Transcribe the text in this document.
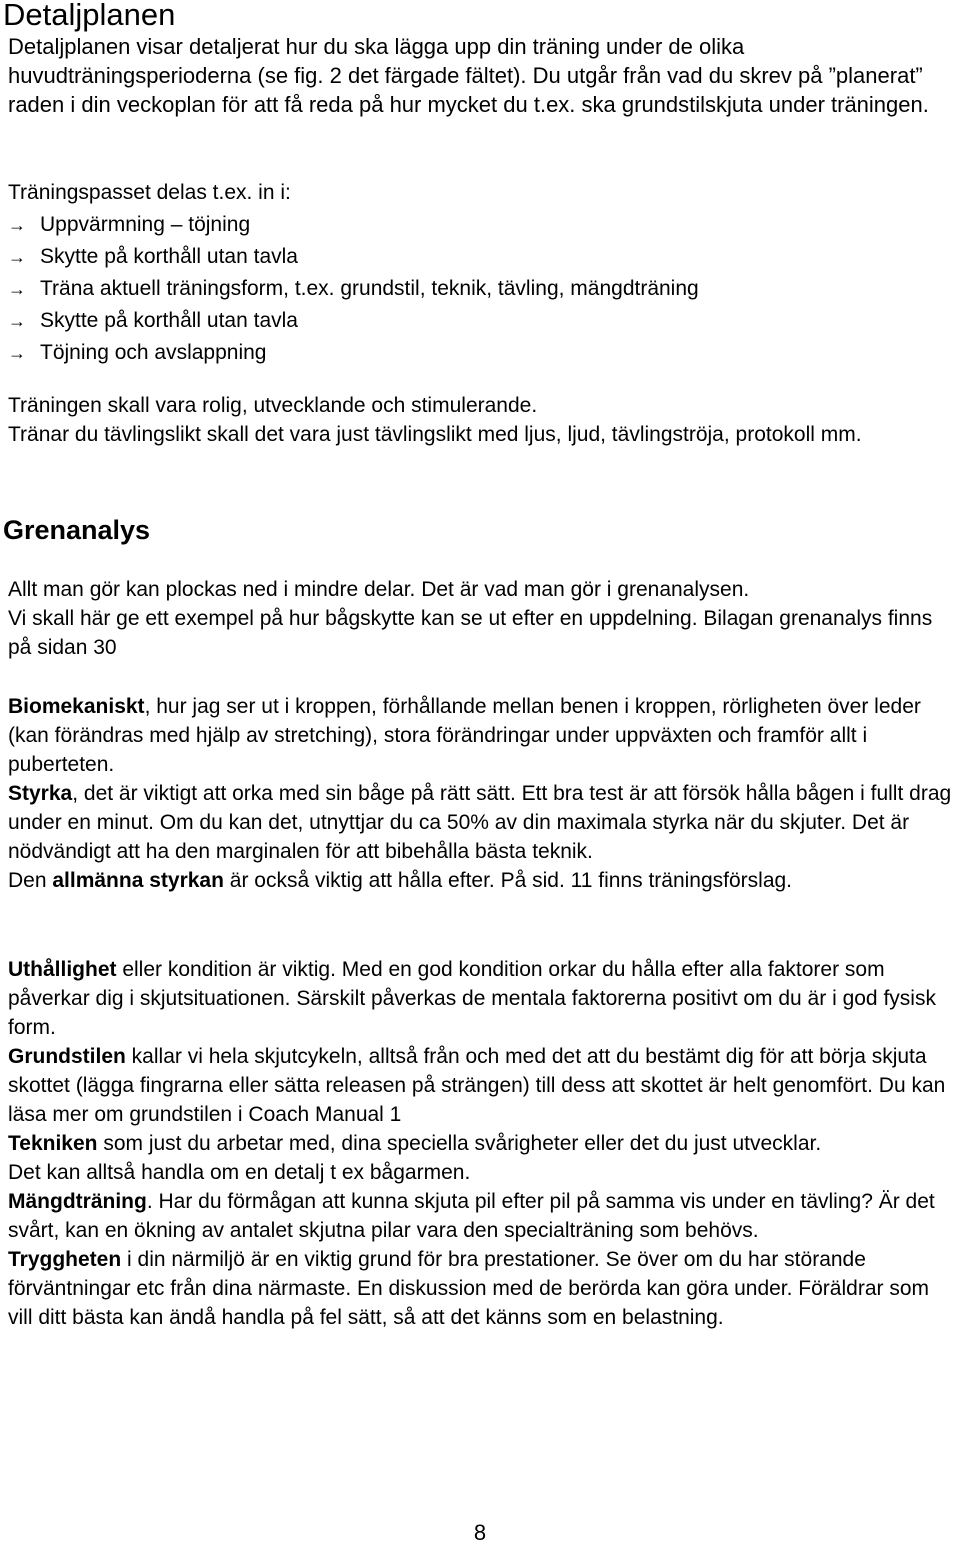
Detaljplanen

Detaljplanen visar detaljerat hur du ska lägga upp din träning under de olika huvudträningsperioderna (se fig. 2 det färgade fältet). Du utgår från vad du skrev på ”planerat” raden i din veckoplan för att få reda på hur mycket du t.ex. ska grundstilskjuta under träningen.

Träningspasset delas t.ex. in i:

→ Uppvärmning – töjning
→ Skytte på korthåll utan tavla
→ Träna aktuell träningsform, t.ex. grundstil, teknik, tävling, mängdträning
→ Skytte på korthåll utan tavla
→ Töjning och avslappning
Träningen skall vara rolig, utvecklande och stimulerande.
Tränar du tävlingslikt skall det vara just tävlingslikt med ljus, ljud, tävlingströja, protokoll mm.
Grenanalys
Allt man gör kan plockas ned i mindre delar. Det är vad man gör i grenanalysen.
Vi skall här ge ett exempel på hur bågskytte kan se ut efter en uppdelning. Bilagan grenanalys finns på sidan 30
Biomekaniskt, hur jag ser ut i kroppen, förhållande mellan benen i kroppen, rörligheten över leder (kan förändras med hjälp av stretching), stora förändringar under uppväxten och framför allt i puberteten.
Styrka, det är viktigt att orka med sin båge på rätt sätt. Ett bra test är att försök hålla bågen i fullt drag under en minut. Om du kan det, utnyttjar du ca 50% av din maximala styrka när du skjuter. Det är nödvändigt att ha den marginalen för att bibehålla bästa teknik.
Den allmänna styrkan är också viktig att hålla efter. På sid. 11 finns träningsförslag.
Uthållighet eller kondition är viktig. Med en god kondition orkar du hålla efter alla faktorer som påverkar dig i skjutsituationen. Särskilt påverkas de mentala faktorerna positivt om du är i god fysisk form.
Grundstilen kallar vi hela skjutcykeln, alltså från och med det att du bestämt dig för att börja skjuta skottet (lägga fingrarna eller sätta releasen på strängen) till dess att skottet är helt genomfört. Du kan läsa mer om grundstilen i Coach Manual 1
Tekniken som just du arbetar med, dina speciella svårigheter eller det du just utvecklar.
Det kan alltså handla om en detalj t ex bågarmen.
Mängdträning. Har du förmågan att kunna skjuta pil efter pil på samma vis under en tävling? Är det svårt, kan en ökning av antalet skjutna pilar vara den specialträning som behövs.
Tryggheten i din närmiljö är en viktig grund för bra prestationer. Se över om du har störande förväntningar etc från dina närmaste. En diskussion med de berörda kan göra under. Föräldrar som vill ditt bästa kan ändå handla på fel sätt, så att det känns som en belastning.
8
